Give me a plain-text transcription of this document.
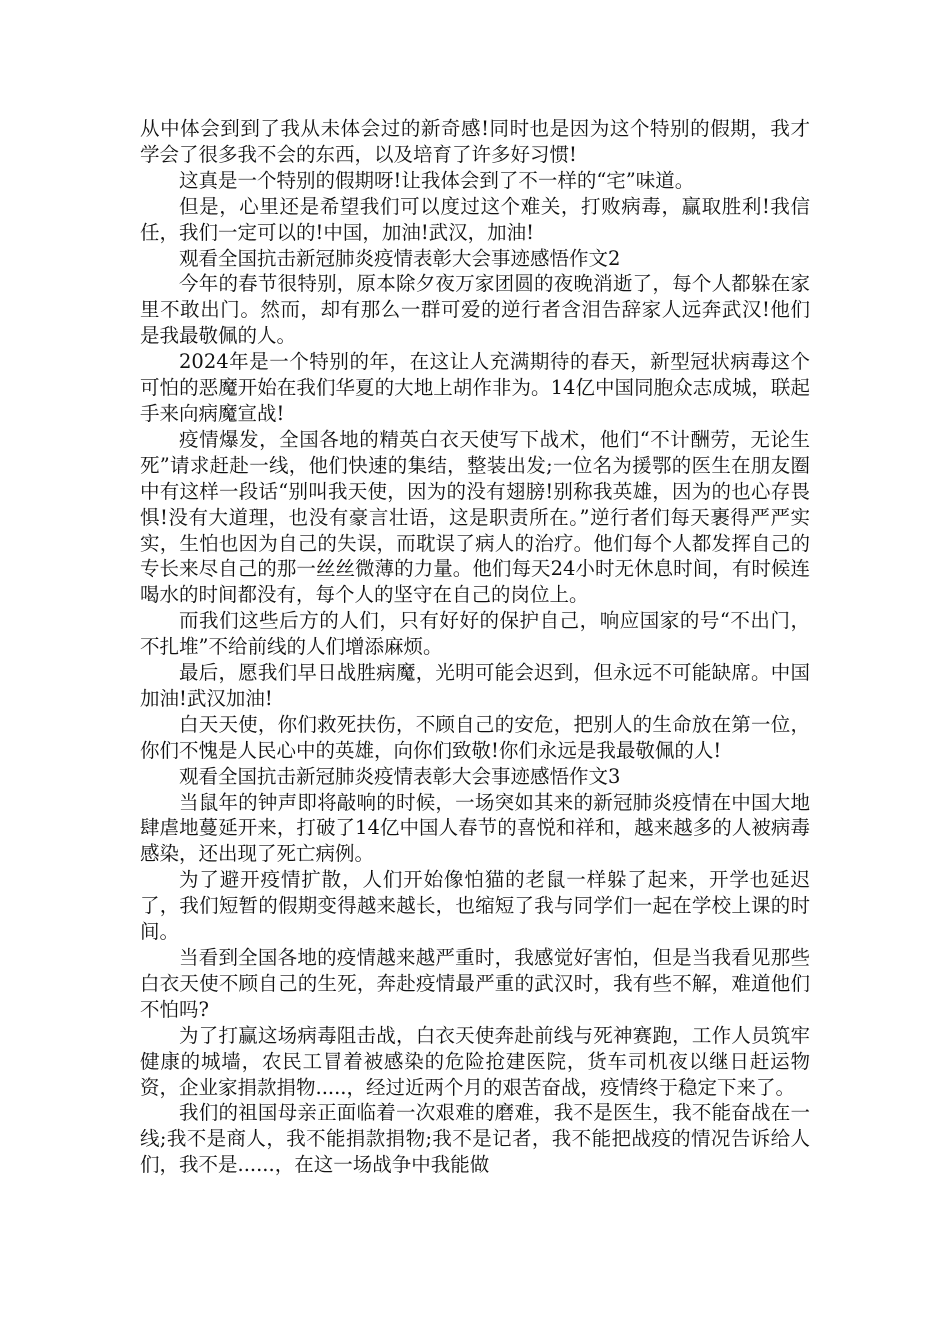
从中体会到到了我从未体会过的新奇感!同时也是因为这个特别的假期，我才学会了很多我不会的东西，以及培育了许多好习惯!

这真是一个特别的假期呀!让我体会到了不一样的“宅”味道。

但是，心里还是希望我们可以度过这个难关，打败病毒，赢取胜利!我信任，我们一定可以的!中国，加油!武汉，加油!

观看全国抗击新冠肺炎疫情表彰大会事迹感悟作文2

今年的春节很特别，原本除夕夜万家团圆的夜晚消逝了，每个人都躲在家里不敢出门。然而，却有那么一群可爱的逆行者含泪告辞家人远奔武汉!他们是我最敬佩的人。

2024年是一个特别的年，在这让人充满期待的春天，新型冠状病毒这个可怕的恶魔开始在我们华夏的大地上胡作非为。14亿中国同胞众志成城，联起手来向病魔宣战!

疫情爆发，全国各地的精英白衣天使写下战术，他们“不计酬劳，无论生死”请求赶赴一线，他们快速的集结，整装出发;一位名为援鄂的医生在朋友圈中有这样一段话“别叫我天使，因为的没有翅膀!别称我英雄，因为的也心存畏惧!没有大道理，也没有豪言壮语，这是职责所在。”逆行者们每天裹得严严实实，生怕也因为自己的失误，而耽误了病人的治疗。他们每个人都发挥自己的专长来尽自己的那一丝丝微薄的力量。他们每天24小时无休息时间，有时候连喝水的时间都没有，每个人的坚守在自己的岗位上。

而我们这些后方的人们，只有好好的保护自己，响应国家的号“不出门，不扎堆”不给前线的人们增添麻烦。

最后，愿我们早日战胜病魔，光明可能会迟到，但永远不可能缺席。中国加油!武汉加油!

白天天使，你们救死扶伤，不顾自己的安危，把别人的生命放在第一位，你们不愧是人民心中的英雄，向你们致敬!你们永远是我最敬佩的人!

观看全国抗击新冠肺炎疫情表彰大会事迹感悟作文3

当鼠年的钟声即将敲响的时候，一场突如其来的新冠肺炎疫情在中国大地肆虐地蔓延开来，打破了14亿中国人春节的喜悦和祥和，越来越多的人被病毒感染，还出现了死亡病例。

为了避开疫情扩散，人们开始像怕猫的老鼠一样躲了起来，开学也延迟了，我们短暂的假期变得越来越长，也缩短了我与同学们一起在学校上课的时间。

当看到全国各地的疫情越来越严重时，我感觉好害怕，但是当我看见那些白衣天使不顾自己的生死，奔赴疫情最严重的武汉时，我有些不解，难道他们不怕吗?

为了打赢这场病毒阻击战，白衣天使奔赴前线与死神赛跑，工作人员筑牢健康的城墙，农民工冒着被感染的危险抢建医院，货车司机夜以继日赶运物资，企业家捐款捐物.....，经过近两个月的艰苦奋战，疫情终于稳定下来了。

我们的祖国母亲正面临着一次艰难的磨难，我不是医生，我不能奋战在一线;我不是商人，我不能捐款捐物;我不是记者，我不能把战疫的情况告诉给人们，我不是......，在这一场战争中我能做
